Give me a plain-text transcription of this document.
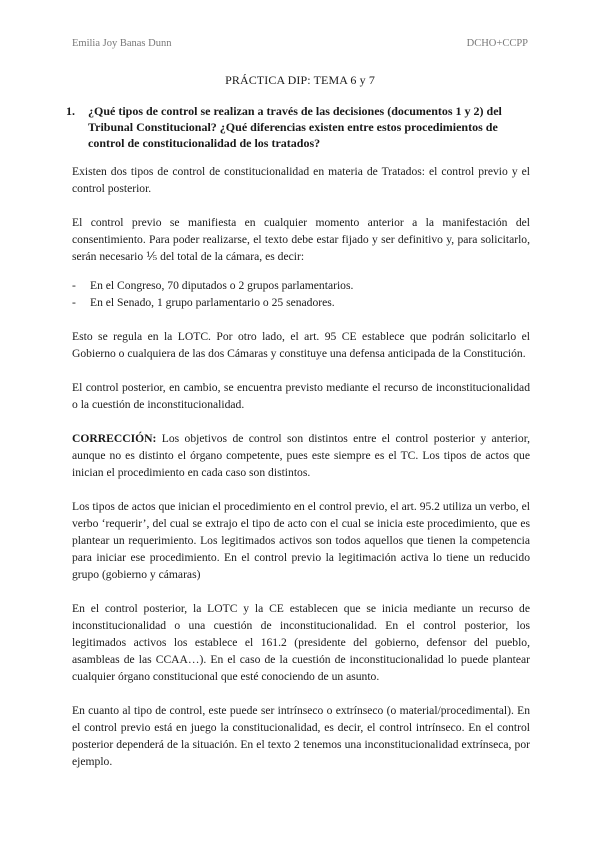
Emilia Joy Banas Dunn	DCHO+CCPP
PRÁCTICA DIP: TEMA 6 y 7
1. ¿Qué tipos de control se realizan a través de las decisiones (documentos 1 y 2) del Tribunal Constitucional? ¿Qué diferencias existen entre estos procedimientos de control de constitucionalidad de los tratados?

Existen dos tipos de control de constitucionalidad en materia de Tratados: el control previo y el control posterior.

El control previo se manifiesta en cualquier momento anterior a la manifestación del consentimiento. Para poder realizarse, el texto debe estar fijado y ser definitivo y, para solicitarlo, serán necesario ⅕ del total de la cámara, es decir:

- En el Congreso, 70 diputados o 2 grupos parlamentarios.
- En el Senado, 1 grupo parlamentario o 25 senadores.

Esto se regula en la LOTC. Por otro lado, el art. 95 CE establece que podrán solicitarlo el Gobierno o cualquiera de las dos Cámaras y constituye una defensa anticipada de la Constitución.

El control posterior, en cambio, se encuentra previsto mediante el recurso de inconstitucionalidad o la cuestión de inconstitucionalidad.

CORRECCIÓN: Los objetivos de control son distintos entre el control posterior y anterior, aunque no es distinto el órgano competente, pues este siempre es el TC. Los tipos de actos que inician el procedimiento en cada caso son distintos.

Los tipos de actos que inician el procedimiento en el control previo, el art. 95.2 utiliza un verbo, el verbo ‘requerir’, del cual se extrajo el tipo de acto con el cual se inicia este procedimiento, que es plantear un requerimiento. Los legitimados activos son todos aquellos que tienen la competencia para iniciar ese procedimiento. En el control previo la legitimación activa lo tiene un reducido grupo (gobierno y cámaras)

En el control posterior, la LOTC y la CE establecen que se inicia mediante un recurso de inconstitucionalidad o una cuestión de inconstitucionalidad. En el control posterior, los legitimados activos los establece el 161.2 (presidente del gobierno, defensor del pueblo, asambleas de las CCAA…). En el caso de la cuestión de inconstitucionalidad lo puede plantear cualquier órgano constitucional que esté conociendo de un asunto.

En cuanto al tipo de control, este puede ser intrínseco o extrínseco (o material/procedimental). En el control previo está en juego la constitucionalidad, es decir, el control intrínseco. En el control posterior dependerá de la situación. En el texto 2 tenemos una inconstitucionalidad extrínseca, por ejemplo.
